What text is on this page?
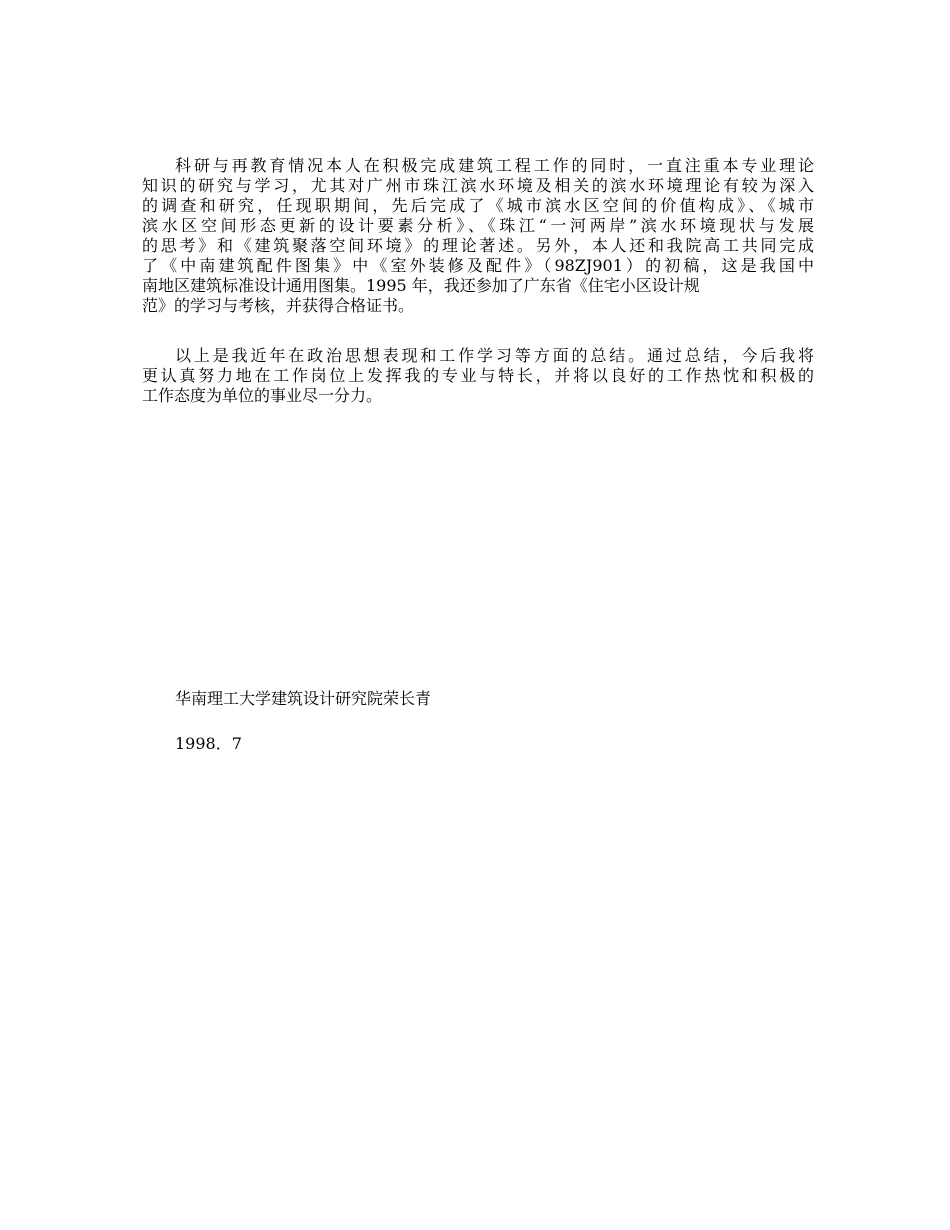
科研与再教育情况本人在积极完成建筑工程工作的同时，一直注重本专业理论
知识的研究与学习，尤其对广州市珠江滨水环境及相关的滨水环境理论有较为深入
的调查和研究，任现职期间，先后完成了《城市滨水区空间的价值构成》、《城市
滨水区空间形态更新的设计要素分析》、《珠江“一河两岸”滨水环境现状与发展
的思考》和《建筑聚落空间环境》的理论著述。另外，本人还和我院高工共同完成
了《中南建筑配件图集》中《室外装修及配件》（98ZJ901）的初稿，这是我国中
南地区建筑标准设计通用图集。1995 年，我还参加了广东省《住宅小区设计规
范》的学习与考核，并获得合格证书。

以上是我近年在政治思想表现和工作学习等方面的总结。通过总结，今后我将
更认真努力地在工作岗位上发挥我的专业与特长，并将以良好的工作热忱和积极的
工作态度为单位的事业尽一分力。

华南理工大学建筑设计研究院荣长青

1998．7
